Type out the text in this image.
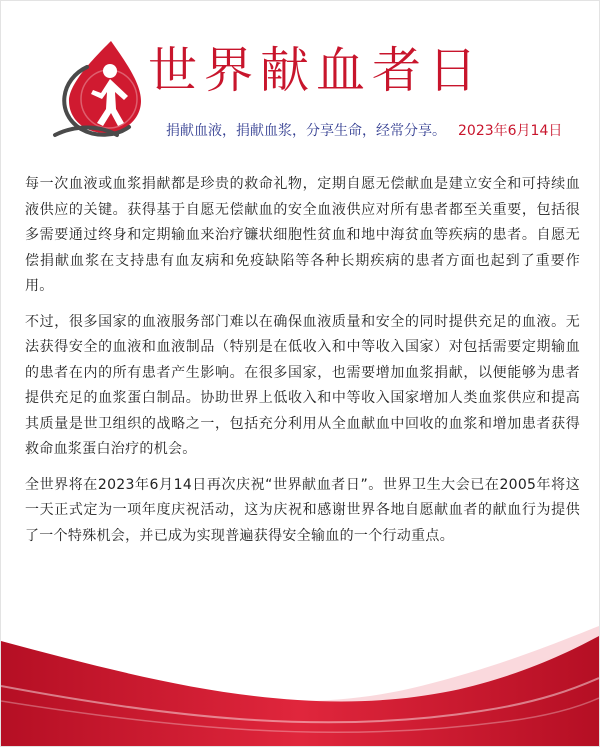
世界献血者日
捐献血液，捐献血浆，分享生命，经常分享。 2023年6月14日

每一次血液或血浆捐献都是珍贵的救命礼物，定期自愿无偿献血是建立安全和可持续血液供应的关键。获得基于自愿无偿献血的安全血液供应对所有患者都至关重要，包括很多需要通过终身和定期输血来治疗镰状细胞性贫血和地中海贫血等疾病的患者。自愿无偿捐献血浆在支持患有血友病和免疫缺陷等各种长期疾病的患者方面也起到了重要作用。

不过，很多国家的血液服务部门难以在确保血液质量和安全的同时提供充足的血液。无法获得安全的血液和血液制品（特别是在低收入和中等收入国家）对包括需要定期输血的患者在内的所有患者产生影响。在很多国家，也需要增加血浆捐献，以便能够为患者提供充足的血浆蛋白制品。协助世界上低收入和中等收入国家增加人类血浆供应和提高其质量是世卫组织的战略之一，包括充分利用从全血献血中回收的血浆和增加患者获得救命血浆蛋白治疗的机会。

全世界将在2023年6月14日再次庆祝“世界献血者日”。世界卫生大会已在2005年将这一天正式定为一项年度庆祝活动，这为庆祝和感谢世界各地自愿献血者的献血行为提供了一个特殊机会，并已成为实现普遍获得安全输血的一个行动重点。
